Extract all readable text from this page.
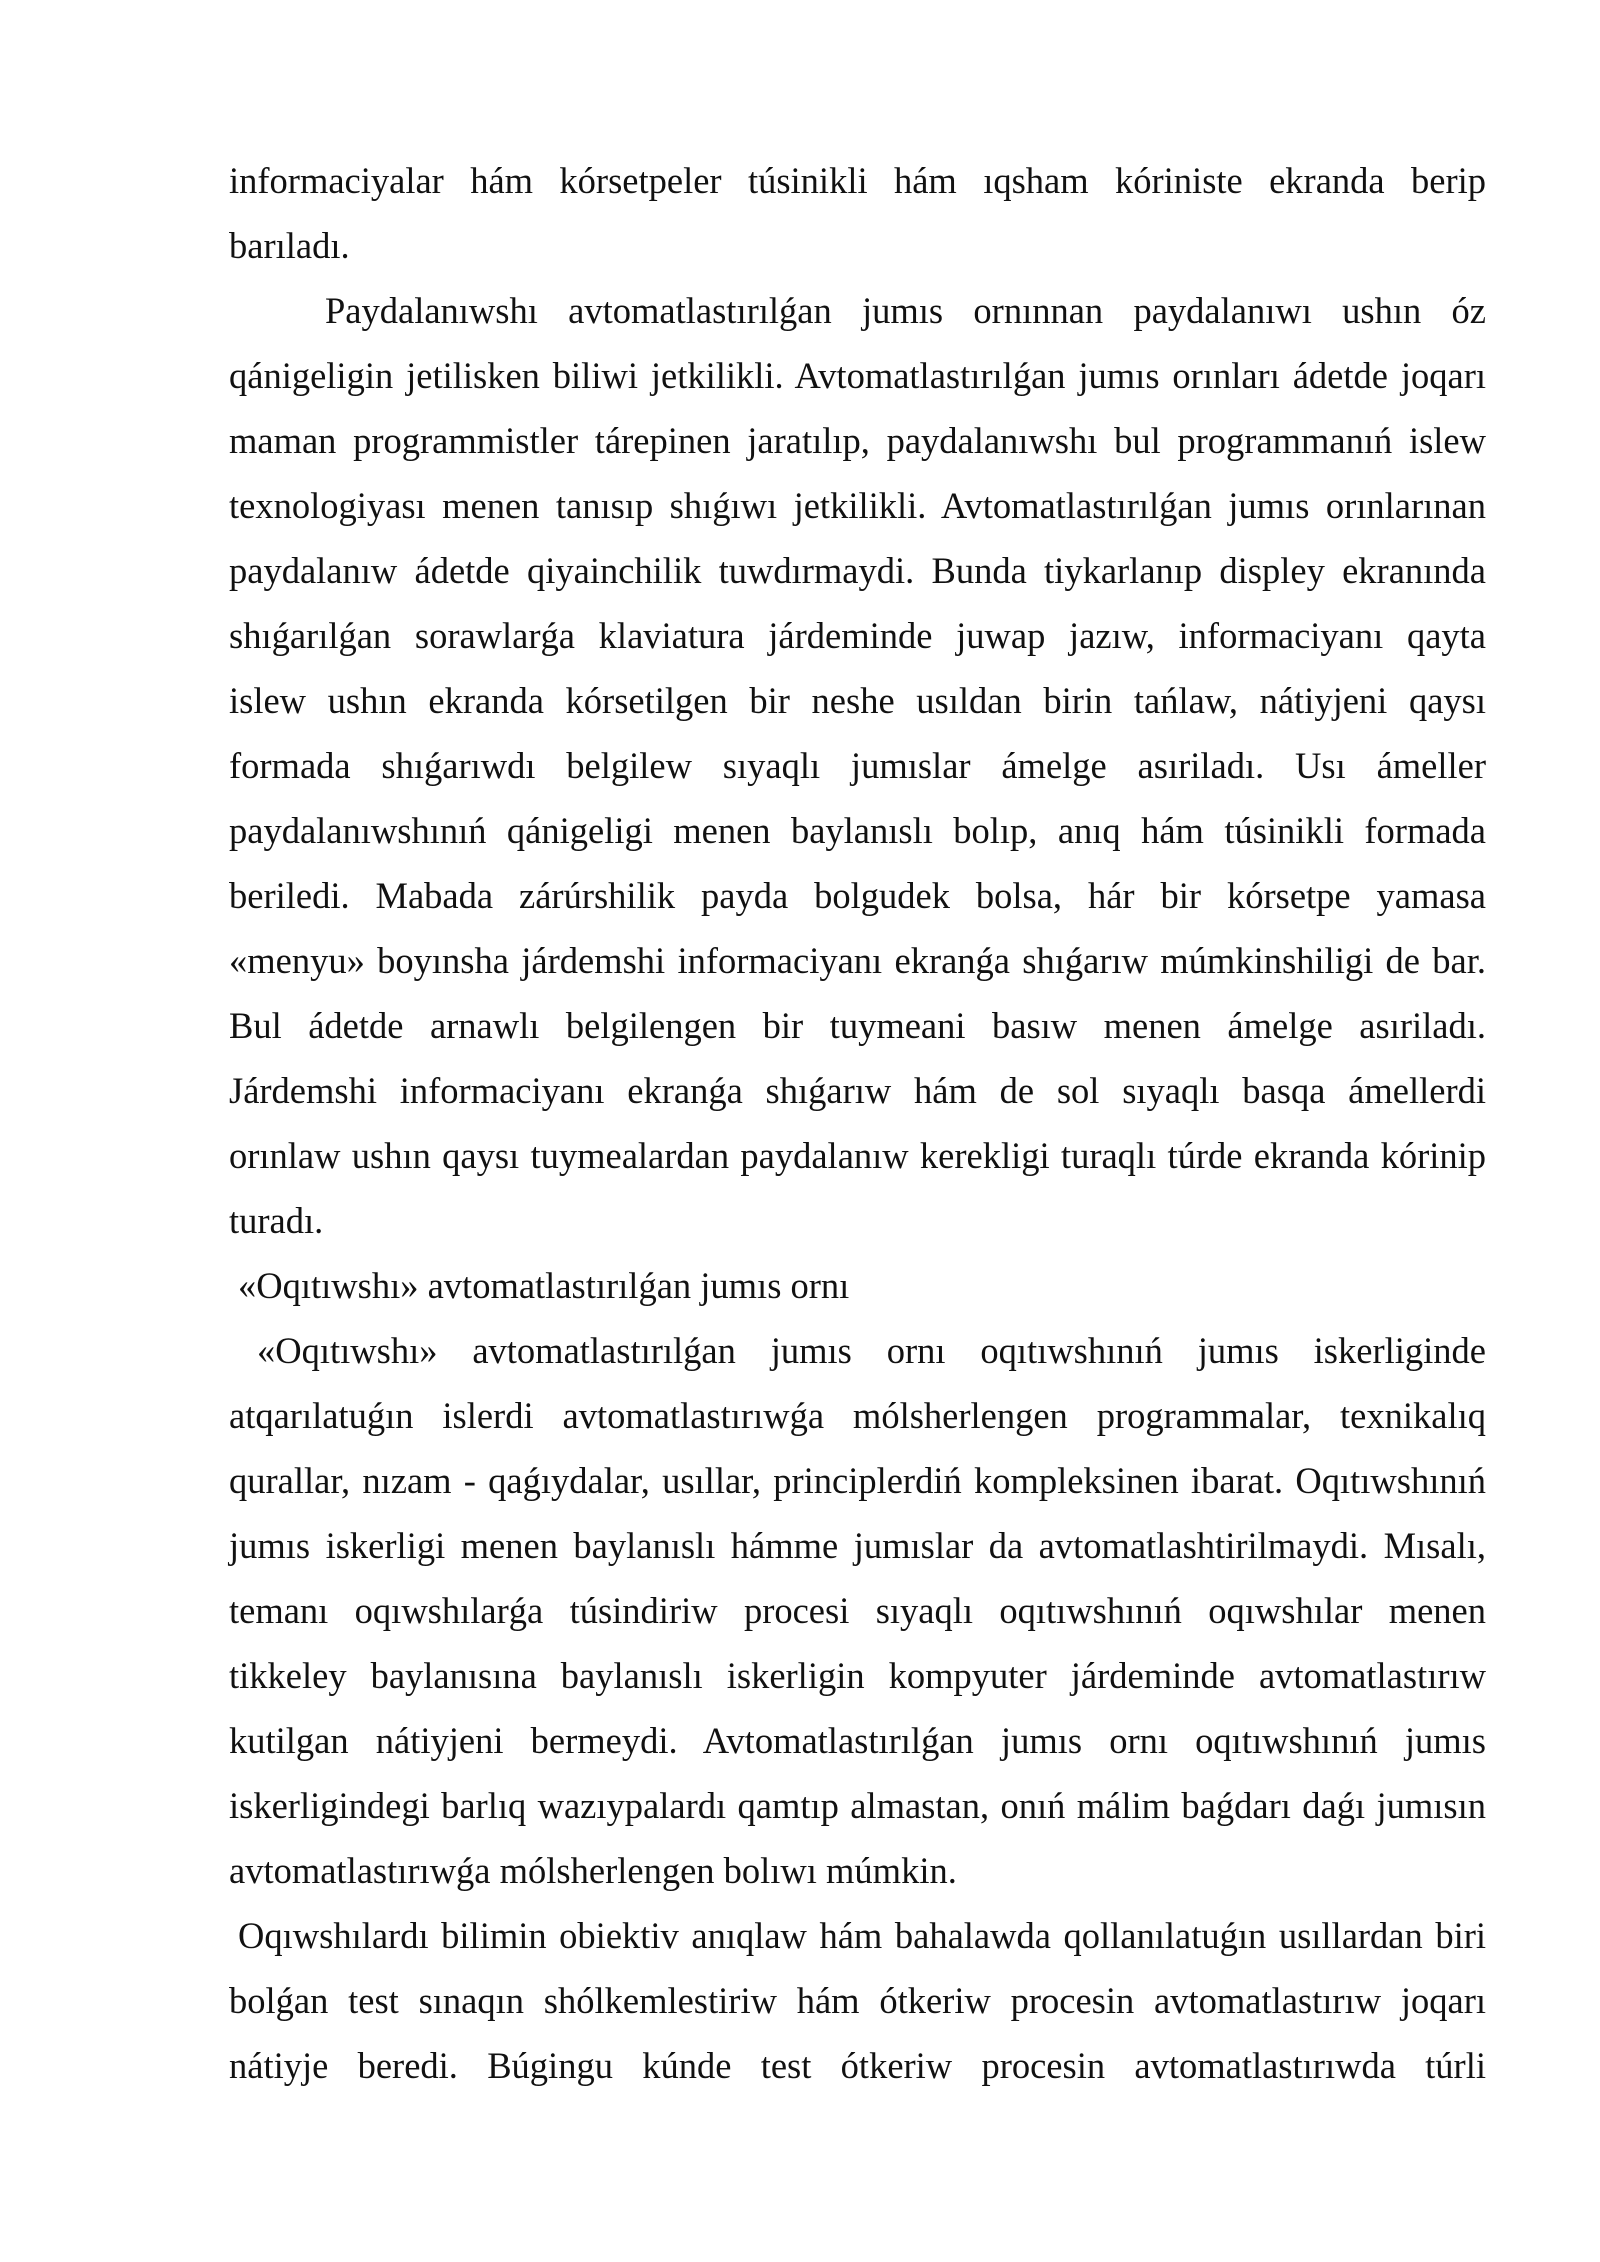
informaciyalar hám kórsetpeler túsinikli hám ıqsham kóriniste ekranda berip
barıladı.
Paydalanıwshı avtomatlastırılǵan jumıs ornınnan paydalanıwı ushın óz
qánigeligin jetilisken biliwi jetkilikli. Avtomatlastırılǵan jumıs orınları ádetde joqarı
maman programmistler tárepinen jaratılıp, paydalanıwshı bul programmanıń islew
texnologiyası menen tanısıp shıǵıwı jetkilikli. Avtomatlastırılǵan jumıs orınlarınan
paydalanıw ádetde qiyainchilik tuwdırmaydi. Bunda tiykarlanıp displey ekranında
shıǵarılǵan sorawlarǵa klaviatura járdeminde juwap jazıw, informaciyanı qayta
islew ushın ekranda kórsetilgen bir neshe usıldan birin tańlaw, nátiyjeni qaysı
formada shıǵarıwdı belgilew sıyaqlı jumıslar ámelge asıriladı. Usı ámeller
paydalanıwshınıń qánigeligi menen baylanıslı bolıp, anıq hám túsinikli formada
beriledi. Mabada zárúrshilik payda bolgudek bolsa, hár bir kórsetpe yamasa
«menyu» boyınsha járdemshi informaciyanı ekranǵa shıǵarıw múmkinshiligi de bar.
Bul ádetde arnawlı belgilengen bir tuymeani basıw menen ámelge asıriladı.
Járdemshi informaciyanı ekranǵa shıǵarıw hám de sol sıyaqlı basqa ámellerdi
orınlaw ushın qaysı tuymealardan paydalanıw kerekligi turaqlı túrde ekranda kórinip
turadı.
«Oqıtıwshı» avtomatlastırılǵan jumıs ornı
«Oqıtıwshı» avtomatlastırılǵan jumıs ornı oqıtıwshınıń jumıs iskerliginde
atqarılatuǵın islerdi avtomatlastırıwǵa mólsherlengen programmalar, texnikalıq
qurallar, nızam - qaǵıydalar, usıllar, principlerdiń kompleksinen ibarat. Oqıtıwshınıń
jumıs iskerligi menen baylanıslı hámme jumıslar da avtomatlashtirilmaydi. Mısalı,
temanı oqıwshılarǵa túsindiriw procesi sıyaqlı oqıtıwshınıń oqıwshılar menen
tikkeley baylanısına baylanıslı iskerligin kompyuter járdeminde avtomatlastırıw
kutilgan nátiyjeni bermeydi. Avtomatlastırılǵan jumıs ornı oqıtıwshınıń jumıs
iskerligindegi barlıq wazıypalardı qamtıp almastan, onıń málim baǵdarı daǵı jumısın
avtomatlastırıwǵa mólsherlengen bolıwı múmkin.
Oqıwshılardı bilimin obiektiv anıqlaw hám bahalawda qollanılatuǵın usıllardan biri
bolǵan test sınaqın shólkemlestiriw hám ótkeriw procesin avtomatlastırıw joqarı
nátiyje beredi. Búgingu kúnde test ótkeriw procesin avtomatlastırıwda túrli
